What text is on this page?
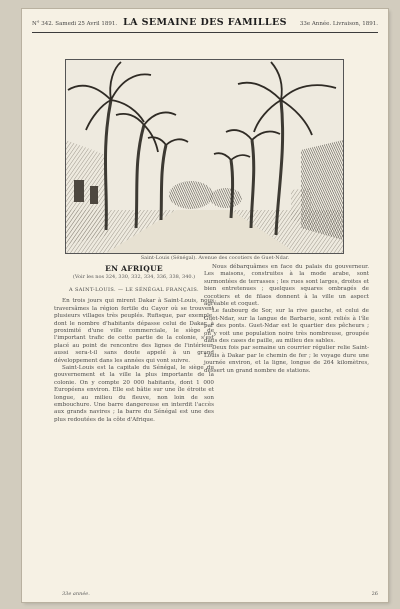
N° 342. Samedi 25 Avril 1891. LA SEMAINE DES FAMILLES	33e Année. Livraison, 1891.
Saint-Louis (Sénégal). Avenue des cocotiers de Guet-Ndar.
EN AFRIQUE
(Voir les nos 324, 330, 332, 334, 336, 338, 340.)
A SAINT-LOUIS. — LE SÉNÉGAL FRANÇAIS.

En trois jours qui mirent Dakar à Saint-Louis, nous traversâmes la région fertile du Cayor où se trouvent plusieurs villages très peuplés. Rufisque, par exemple, dont le nombre d'habitants dépasse celui de Dakar, à proximité d'une ville commerciale, le siège de l'important trafic de cette partie de la colonie, s'est placé au point de rencontre des lignes de l'intérieur, aussi sera-t-il sans doute appelé à un grand développement dans les années qui vont suivre.

Saint-Louis est la capitale du Sénégal, le siège du gouvernement et la ville la plus importante de la colonie. On y compte 20 000 habitants, dont 1 000 Européens environ. Elle est bâtie sur une île étroite et longue, au milieu du fleuve, non loin de son embouchure. Une barre dangereuse en interdit l'accès aux grands navires ; la barre du Sénégal est une des plus redoutées de la côte d'Afrique.

Nous débarquâmes en face du palais du gouverneur. Les maisons, construites à la mode arabe, sont surmontées de terrasses ; les rues sont larges, droites et bien entretenues ; quelques squares ombragés de cocotiers et de filaos donnent à la ville un aspect agréable et coquet.

Le faubourg de Sor, sur la rive gauche, et celui de Guet-Ndar, sur la langue de Barbarie, sont reliés à l'île par des ponts. Guet-Ndar est le quartier des pêcheurs ; on y voit une population noire très nombreuse, groupée dans des cases de paille, au milieu des sables.

Deux fois par semaine un courrier régulier relie Saint-Louis à Dakar par le chemin de fer ; le voyage dure une journée environ, et la ligne, longue de 264 kilomètres, dessert un grand nombre de stations.

33e année.	26
